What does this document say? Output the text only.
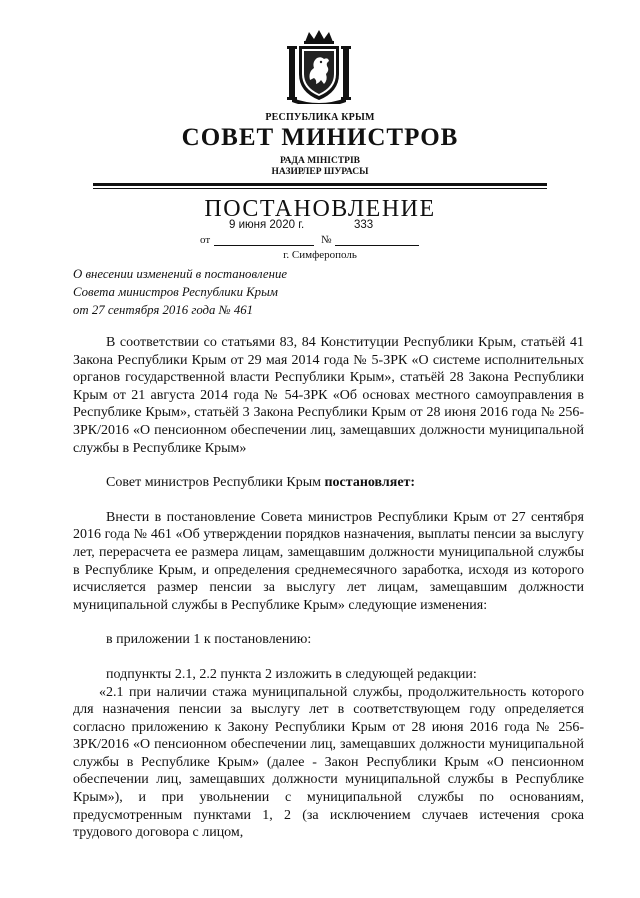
РЕСПУБЛИКА КРЫМ
СОВЕТ МИНИСТРОВ
РАДА МІНІСТРІВ
НАЗИРЛЕР ШУРАСЫ
ПОСТАНОВЛЕНИЕ
9 июня 2020 г.	333
от	№
г. Симферополь
О внесении изменений в постановление
Совета министров Республики Крым
от 27 сентября 2016 года № 461

В соответствии со статьями 83, 84 Конституции Республики Крым, статьёй 41 Закона Республики Крым от 29 мая 2014 года № 5-ЗРК «О системе исполнительных органов государственной власти Республики Крым», статьёй 28 Закона Республики Крым от 21 августа 2014 года № 54-ЗРК «Об основах местного самоуправления в Республике Крым», статьёй 3 Закона Республики Крым от 28 июня 2016 года № 256-ЗРК/2016 «О пенсионном обеспечении лиц, замещавших должности муниципальной службы в Республике Крым»

Совет министров Республики Крым постановляет:

Внести в постановление Совета министров Республики Крым от 27 сентября 2016 года № 461 «Об утверждении порядков назначения, выплаты пенсии за выслугу лет, перерасчета ее размера лицам, замещавшим должности муниципальной службы в Республике Крым, и определения среднемесячного заработка, исходя из которого исчисляется размер пенсии за выслугу лет лицам, замещавшим должности муниципальной службы в Республике Крым» следующие изменения:

в приложении 1 к постановлению:

подпункты 2.1, 2.2 пункта 2 изложить в следующей редакции:

«2.1 при наличии стажа муниципальной службы, продолжительность которого для назначения пенсии за выслугу лет в соответствующем году определяется согласно приложению к Закону Республики Крым от 28 июня 2016 года № 256-ЗРК/2016 «О пенсионном обеспечении лиц, замещавших должности муниципальной службы в Республике Крым» (далее - Закон Республики Крым «О пенсионном обеспечении лиц, замещавших должности муниципальной службы в Республике Крым»), и при увольнении с муниципальной службы по основаниям, предусмотренным пунктами 1, 2 (за исключением случаев истечения срока трудового договора с лицом,
